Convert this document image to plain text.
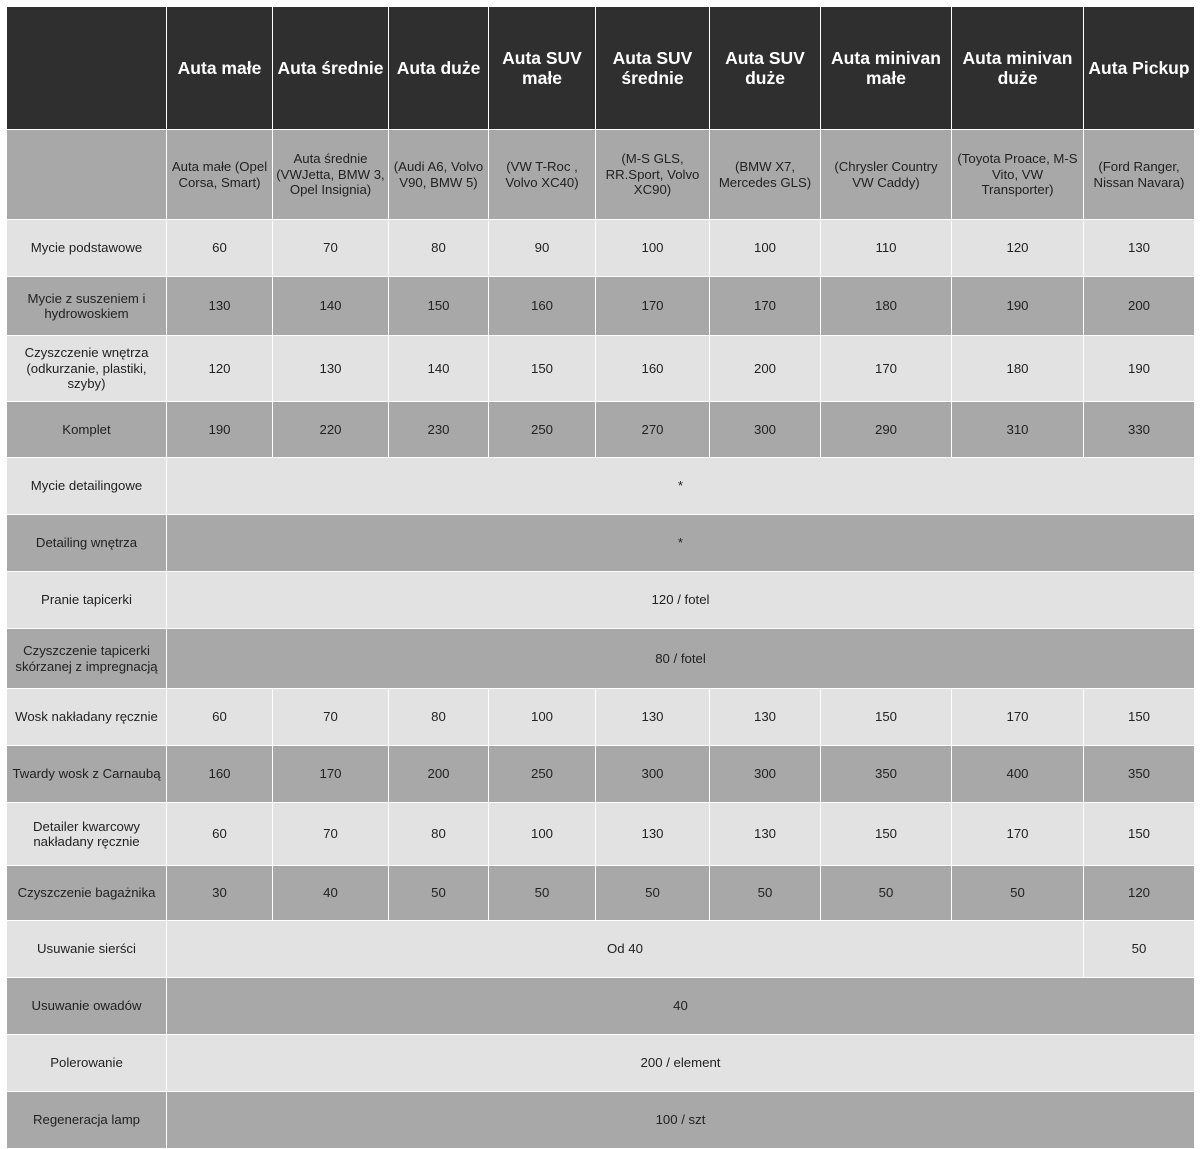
	Auta małe	Auta średnie	Auta duże	Auta SUV małe	Auta SUV średnie	Auta SUV duże	Auta minivan małe	Auta minivan duże	Auta Pickup
	Auta małe (Opel Corsa, Smart)	Auta średnie (VWJetta, BMW 3, Opel Insignia)	(Audi A6, Volvo V90, BMW 5)	(VW T-Roc , Volvo XC40)	(M-S GLS, RR.Sport, Volvo XC90)	(BMW X7, Mercedes GLS)	(Chrysler Country VW Caddy)	(Toyota Proace, M-S Vito, VW Transporter)	(Ford Ranger, Nissan Navara)
Mycie podstawowe	60	70	80	90	100	100	110	120	130
Mycie z suszeniem i hydrowoskiem	130	140	150	160	170	170	180	190	200
Czyszczenie wnętrza (odkurzanie, plastiki, szyby)	120	130	140	150	160	200	170	180	190
Komplet	190	220	230	250	270	300	290	310	330
Mycie detailingowe	*								
Detailing wnętrza	*								
Pranie tapicerki	120 / fotel								
Czyszczenie tapicerki skórzanej z impregnacją	80 / fotel								
Wosk nakładany ręcznie	60	70	80	100	130	130	150	170	150
Twardy wosk z Carnaubą	160	170	200	250	300	300	350	400	350
Detailer kwarcowy nakładany ręcznie	60	70	80	100	130	130	150	170	150
Czyszczenie bagażnika	30	40	50	50	50	50	50	50	120
Usuwanie sierści	Od 40								50
Usuwanie owadów	40								
Polerowanie	200 / element								
Regeneracja lamp	100 / szt								
